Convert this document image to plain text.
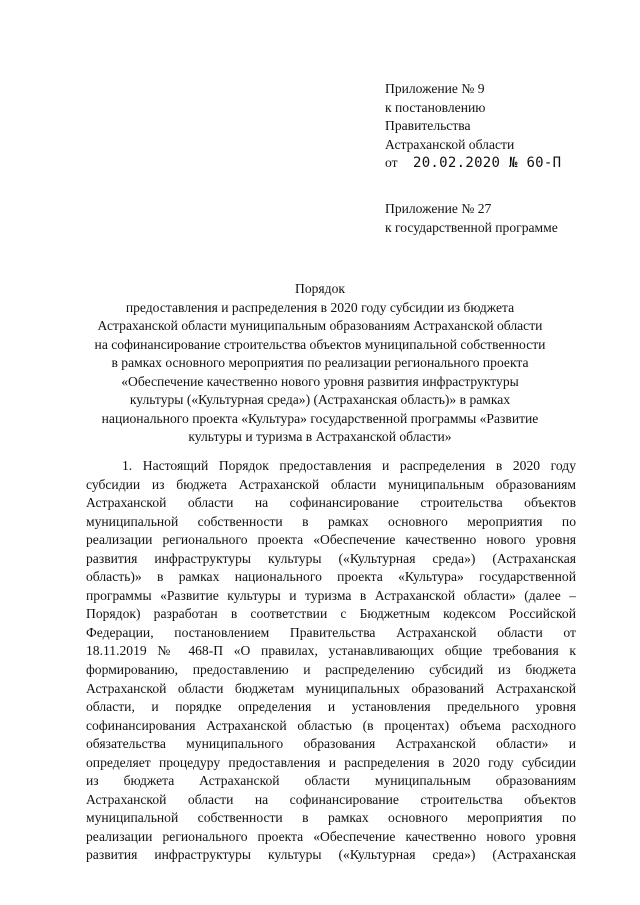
Приложение № 9
к постановлению
Правительства
Астраханской области
от 20.02.2020 № 60-П
Приложение № 27
к государственной программе
Порядок
предоставления и распределения в 2020 году субсидии из бюджета
Астраханской области муниципальным образованиям Астраханской области
на софинансирование строительства объектов муниципальной собственности
в рамках основного мероприятия по реализации регионального проекта
«Обеспечение качественно нового уровня развития инфраструктуры
культуры («Культурная среда») (Астраханская область)» в рамках
национального проекта «Культура» государственной программы «Развитие
культуры и туризма в Астраханской области»
1. Настоящий Порядок предоставления и распределения в 2020 году
субсидии из бюджета Астраханской области муниципальным образованиям
Астраханской области на софинансирование строительства объектов
муниципальной собственности в рамках основного мероприятия по
реализации регионального проекта «Обеспечение качественно нового уровня
развития инфраструктуры культуры («Культурная среда») (Астраханская
область)» в рамках национального проекта «Культура» государственной
программы «Развитие культуры и туризма в Астраханской области» (далее –
Порядок) разработан в соответствии с Бюджетным кодексом Российской
Федерации, постановлением Правительства Астраханской области от
18.11.2019 № 468-П «О правилах, устанавливающих общие требования к
формированию, предоставлению и распределению субсидий из бюджета
Астраханской области бюджетам муниципальных образований Астраханской
области, и порядке определения и установления предельного уровня
софинансирования Астраханской областью (в процентах) объема расходного
обязательства муниципального образования Астраханской области» и
определяет процедуру предоставления и распределения в 2020 году субсидии
из бюджета Астраханской области муниципальным образованиям
Астраханской области на софинансирование строительства объектов
муниципальной собственности в рамках основного мероприятия по
реализации регионального проекта «Обеспечение качественно нового уровня
развития инфраструктуры культуры («Культурная среда») (Астраханская
